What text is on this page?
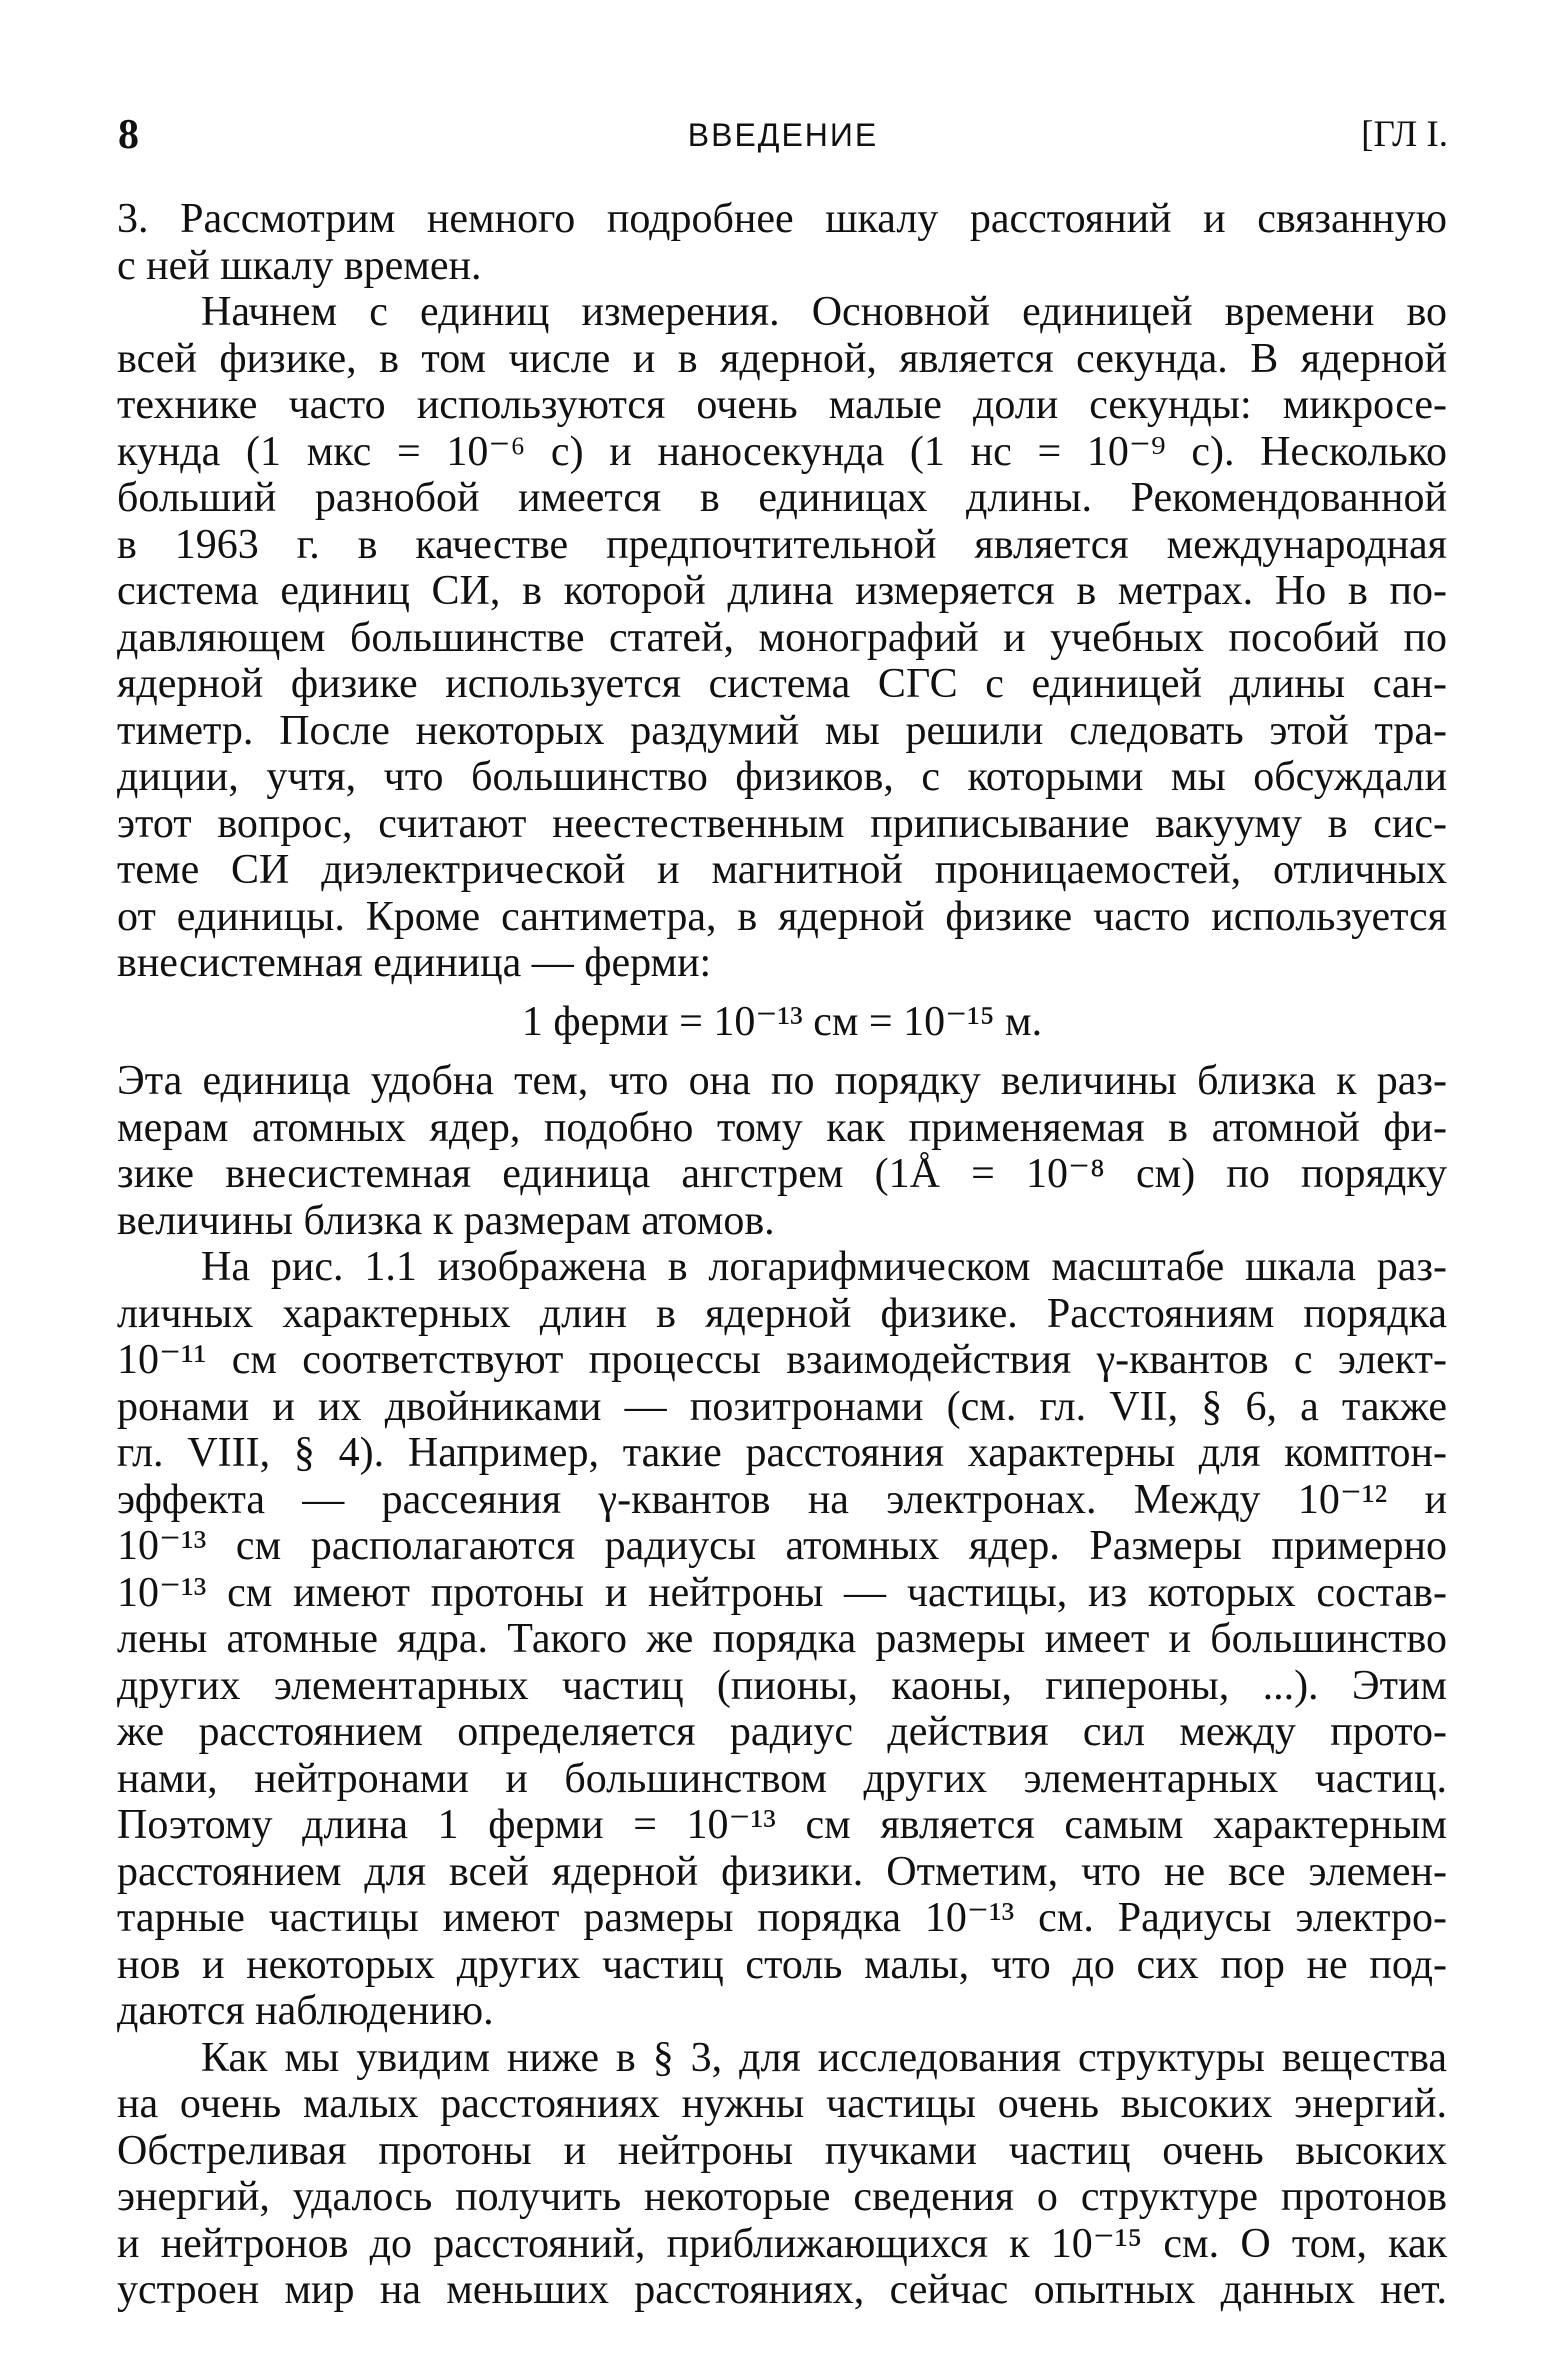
ВВЕДЕНИЕ
8	[ГЛ I.
3. Рассмотрим немного подробнее шкалу расстояний и связанную
с ней шкалу времен.
Начнем с единиц измерения. Основной единицей времени во
всей физике, в том числе и в ядерной, является секунда. В ядерной
технике часто используются очень малые доли секунды: микросе-
кунда (1 мкс = 10⁻⁶ с) и наносекунда (1 нс = 10⁻⁹ с). Несколько
больший разнобой имеется в единицах длины. Рекомендованной
в 1963 г. в качестве предпочтительной является международная
система единиц СИ, в которой длина измеряется в метрах. Но в по-
давляющем большинстве статей, монографий и учебных пособий по
ядерной физике используется система СГС с единицей длины сан-
тиметр. После некоторых раздумий мы решили следовать этой тра-
диции, учтя, что большинство физиков, с которыми мы обсуждали
этот вопрос, считают неестественным приписывание вакууму в сис-
теме СИ диэлектрической и магнитной проницаемостей, отличных
от единицы. Кроме сантиметра, в ядерной физике часто используется
внесистемная единица — ферми:
1 ферми = 10⁻¹³ см = 10⁻¹⁵ м.
Эта единица удобна тем, что она по порядку величины близка к раз-
мерам атомных ядер, подобно тому как применяемая в атомной фи-
зике внесистемная единица ангстрем (1Å = 10⁻⁸ см) по порядку
величины близка к размерам атомов.
На рис. 1.1 изображена в логарифмическом масштабе шкала раз-
личных характерных длин в ядерной физике. Расстояниям порядка
10⁻¹¹ см соответствуют процессы взаимодействия γ-квантов с элект-
ронами и их двойниками — позитронами (см. гл. VII, § 6, а также
гл. VIII, § 4). Например, такие расстояния характерны для комптон-
эффекта — рассеяния γ-квантов на электронах. Между 10⁻¹² и
10⁻¹³ см располагаются радиусы атомных ядер. Размеры примерно
10⁻¹³ см имеют протоны и нейтроны — частицы, из которых состав-
лены атомные ядра. Такого же порядка размеры имеет и большинство
других элементарных частиц (пионы, каоны, гипероны, ...). Этим
же расстоянием определяется радиус действия сил между прото-
нами, нейтронами и большинством других элементарных частиц.
Поэтому длина 1 ферми = 10⁻¹³ см является самым характерным
расстоянием для всей ядерной физики. Отметим, что не все элемен-
тарные частицы имеют размеры порядка 10⁻¹³ см. Радиусы электро-
нов и некоторых других частиц столь малы, что до сих пор не под-
даются наблюдению.
Как мы увидим ниже в § 3, для исследования структуры вещества
на очень малых расстояниях нужны частицы очень высоких энергий.
Обстреливая протоны и нейтроны пучками частиц очень высоких
энергий, удалось получить некоторые сведения о структуре протонов
и нейтронов до расстояний, приближающихся к 10⁻¹⁵ см. О том, как
устроен мир на меньших расстояниях, сейчас опытных данных нет.
